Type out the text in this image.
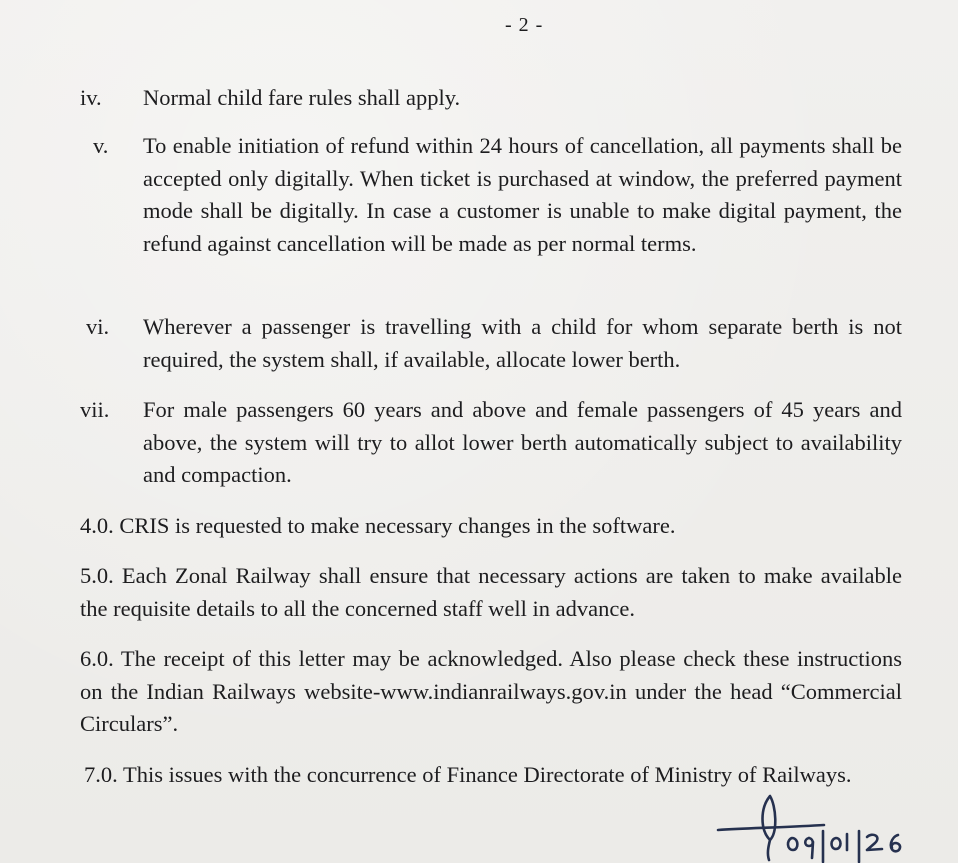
- 2 -
iv. Normal child fare rules shall apply.
v. To enable initiation of refund within 24 hours of cancellation, all payments shall be accepted only digitally. When ticket is purchased at window, the preferred payment mode shall be digitally. In case a customer is unable to make digital payment, the refund against cancellation will be made as per normal terms.
vi. Wherever a passenger is travelling with a child for whom separate berth is not required, the system shall, if available, allocate lower berth.
vii. For male passengers 60 years and above and female passengers of 45 years and above, the system will try to allot lower berth automatically subject to availability and compaction.
4.0. CRIS is requested to make necessary changes in the software.
5.0. Each Zonal Railway shall ensure that necessary actions are taken to make available the requisite details to all the concerned staff well in advance.
6.0. The receipt of this letter may be acknowledged. Also please check these instructions on the Indian Railways website-www.indianrailways.gov.in under the head “Commercial Circulars”.
7.0. This issues with the concurrence of Finance Directorate of Ministry of Railways.
